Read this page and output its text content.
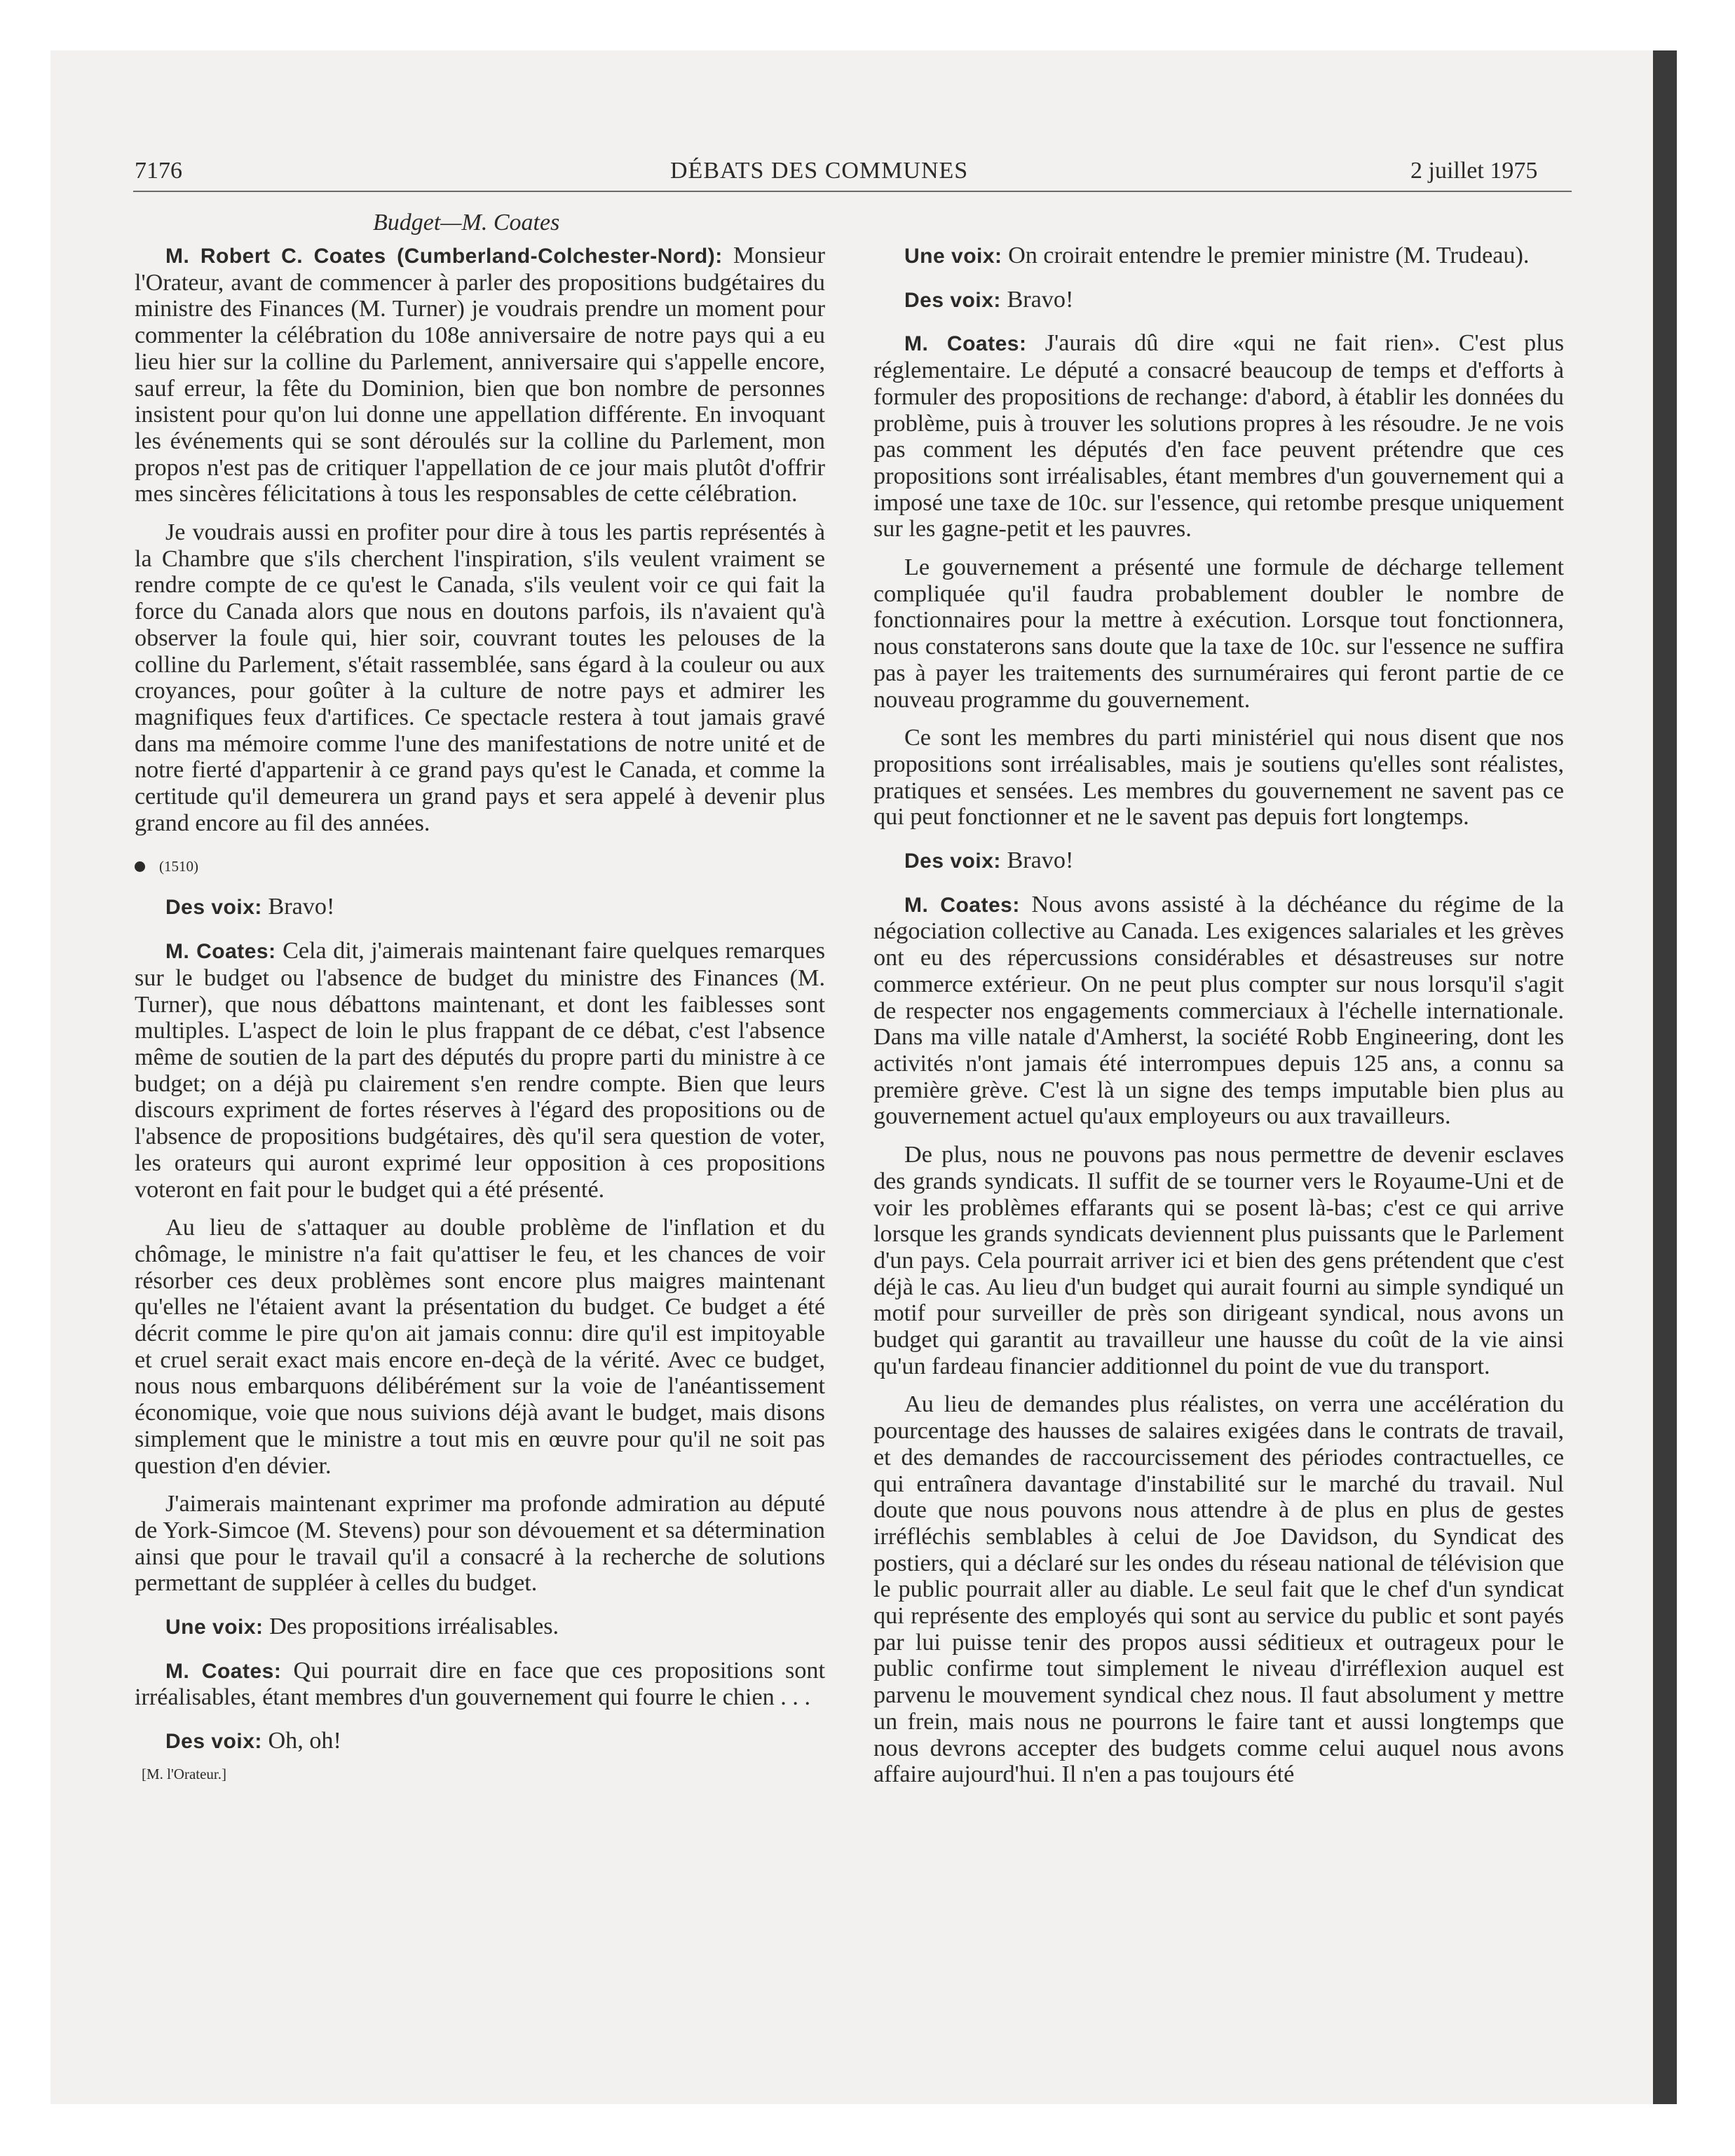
7176	DÉBATS DES COMMUNES	2 juillet 1975
Budget—M. Coates

M. Robert C. Coates (Cumberland-Colchester-Nord): Monsieur l'Orateur, avant de commencer à parler des propositions budgétaires du ministre des Finances (M. Turner) je voudrais prendre un moment pour commenter la célébration du 108e anniversaire de notre pays qui a eu lieu hier sur la colline du Parlement, anniversaire qui s'appelle encore, sauf erreur, la fête du Dominion, bien que bon nombre de personnes insistent pour qu'on lui donne une appellation différente. En invoquant les événements qui se sont déroulés sur la colline du Parlement, mon propos n'est pas de critiquer l'appellation de ce jour mais plutôt d'offrir mes sincères félicitations à tous les responsables de cette célébration.

Je voudrais aussi en profiter pour dire à tous les partis représentés à la Chambre que s'ils cherchent l'inspiration, s'ils veulent vraiment se rendre compte de ce qu'est le Canada, s'ils veulent voir ce qui fait la force du Canada alors que nous en doutons parfois, ils n'avaient qu'à observer la foule qui, hier soir, couvrant toutes les pelouses de la colline du Parlement, s'était rassemblée, sans égard à la couleur ou aux croyances, pour goûter à la culture de notre pays et admirer les magnifiques feux d'artifices. Ce spectacle restera à tout jamais gravé dans ma mémoire comme l'une des manifestations de notre unité et de notre fierté d'appartenir à ce grand pays qu'est le Canada, et comme la certitude qu'il demeurera un grand pays et sera appelé à devenir plus grand encore au fil des années.

(1510)

Des voix: Bravo!

M. Coates: Cela dit, j'aimerais maintenant faire quelques remarques sur le budget ou l'absence de budget du ministre des Finances (M. Turner), que nous débattons maintenant, et dont les faiblesses sont multiples. L'aspect de loin le plus frappant de ce débat, c'est l'absence même de soutien de la part des députés du propre parti du ministre à ce budget; on a déjà pu clairement s'en rendre compte. Bien que leurs discours expriment de fortes réserves à l'égard des propositions ou de l'absence de propositions budgétaires, dès qu'il sera question de voter, les orateurs qui auront exprimé leur opposition à ces propositions voteront en fait pour le budget qui a été présenté.

Au lieu de s'attaquer au double problème de l'inflation et du chômage, le ministre n'a fait qu'attiser le feu, et les chances de voir résorber ces deux problèmes sont encore plus maigres maintenant qu'elles ne l'étaient avant la présentation du budget. Ce budget a été décrit comme le pire qu'on ait jamais connu: dire qu'il est impitoyable et cruel serait exact mais encore en-deçà de la vérité. Avec ce budget, nous nous embarquons délibérément sur la voie de l'anéantissement économique, voie que nous suivions déjà avant le budget, mais disons simplement que le ministre a tout mis en œuvre pour qu'il ne soit pas question d'en dévier.

J'aimerais maintenant exprimer ma profonde admiration au député de York-Simcoe (M. Stevens) pour son dévouement et sa détermination ainsi que pour le travail qu'il a consacré à la recherche de solutions permettant de suppléer à celles du budget.

Une voix: Des propositions irréalisables.

M. Coates: Qui pourrait dire en face que ces propositions sont irréalisables, étant membres d'un gouvernement qui fourre le chien . . .

Des voix: Oh, oh!

[M. l'Orateur.]

Une voix: On croirait entendre le premier ministre (M. Trudeau).

Des voix: Bravo!

M. Coates: J'aurais dû dire «qui ne fait rien». C'est plus réglementaire. Le député a consacré beaucoup de temps et d'efforts à formuler des propositions de rechange: d'abord, à établir les données du problème, puis à trouver les solutions propres à les résoudre. Je ne vois pas comment les députés d'en face peuvent prétendre que ces propositions sont irréalisables, étant membres d'un gouvernement qui a imposé une taxe de 10c. sur l'essence, qui retombe presque uniquement sur les gagne-petit et les pauvres.

Le gouvernement a présenté une formule de décharge tellement compliquée qu'il faudra probablement doubler le nombre de fonctionnaires pour la mettre à exécution. Lorsque tout fonctionnera, nous constaterons sans doute que la taxe de 10c. sur l'essence ne suffira pas à payer les traitements des surnuméraires qui feront partie de ce nouveau programme du gouvernement.

Ce sont les membres du parti ministériel qui nous disent que nos propositions sont irréalisables, mais je soutiens qu'elles sont réalistes, pratiques et sensées. Les membres du gouvernement ne savent pas ce qui peut fonctionner et ne le savent pas depuis fort longtemps.

Des voix: Bravo!

M. Coates: Nous avons assisté à la déchéance du régime de la négociation collective au Canada. Les exigences salariales et les grèves ont eu des répercussions considérables et désastreuses sur notre commerce extérieur. On ne peut plus compter sur nous lorsqu'il s'agit de respecter nos engagements commerciaux à l'échelle internationale. Dans ma ville natale d'Amherst, la société Robb Engineering, dont les activités n'ont jamais été interrompues depuis 125 ans, a connu sa première grève. C'est là un signe des temps imputable bien plus au gouvernement actuel qu'aux employeurs ou aux travailleurs.

De plus, nous ne pouvons pas nous permettre de devenir esclaves des grands syndicats. Il suffit de se tourner vers le Royaume-Uni et de voir les problèmes effarants qui se posent là-bas; c'est ce qui arrive lorsque les grands syndicats deviennent plus puissants que le Parlement d'un pays. Cela pourrait arriver ici et bien des gens prétendent que c'est déjà le cas. Au lieu d'un budget qui aurait fourni au simple syndiqué un motif pour surveiller de près son dirigeant syndical, nous avons un budget qui garantit au travailleur une hausse du coût de la vie ainsi qu'un fardeau financier additionnel du point de vue du transport.

Au lieu de demandes plus réalistes, on verra une accélération du pourcentage des hausses de salaires exigées dans le contrats de travail, et des demandes de raccourcissement des périodes contractuelles, ce qui entraînera davantage d'instabilité sur le marché du travail. Nul doute que nous pouvons nous attendre à de plus en plus de gestes irréfléchis semblables à celui de Joe Davidson, du Syndicat des postiers, qui a déclaré sur les ondes du réseau national de télévision que le public pourrait aller au diable. Le seul fait que le chef d'un syndicat qui représente des employés qui sont au service du public et sont payés par lui puisse tenir des propos aussi séditieux et outrageux pour le public confirme tout simplement le niveau d'irréflexion auquel est parvenu le mouvement syndical chez nous. Il faut absolument y mettre un frein, mais nous ne pourrons le faire tant et aussi longtemps que nous devrons accepter des budgets comme celui auquel nous avons affaire aujourd'hui. Il n'en a pas toujours été
